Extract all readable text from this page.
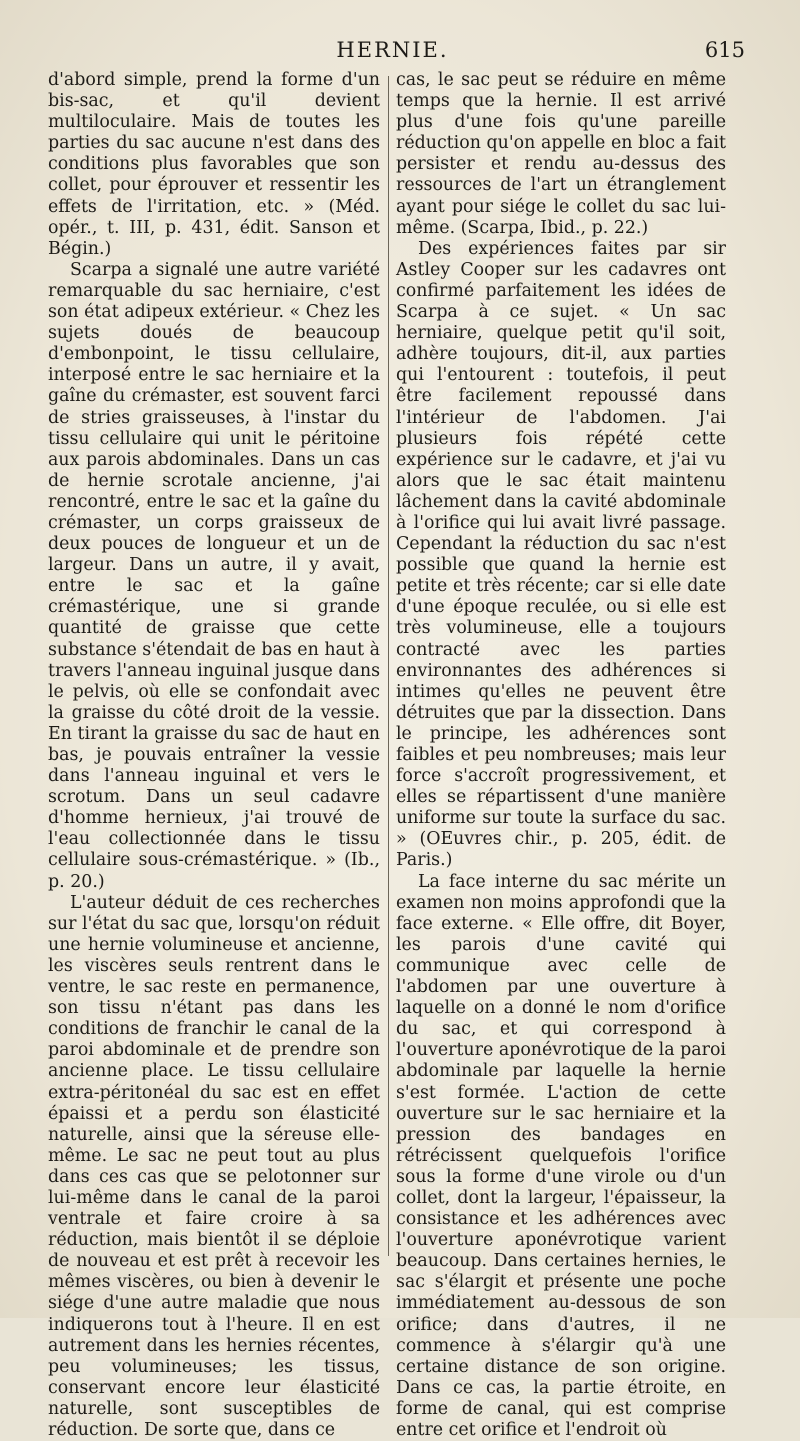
HERNIE.	615

d'abord simple, prend la forme d'un bis-sac, et qu'il devient multiloculaire. Mais de toutes les parties du sac aucune n'est dans des conditions plus favorables que son collet, pour éprouver et ressentir les effets de l'irritation, etc. » (Méd. opér., t. III, p. 431, édit. Sanson et Bégin.)

Scarpa a signalé une autre variété remarquable du sac herniaire, c'est son état adipeux extérieur. « Chez les sujets doués de beaucoup d'embonpoint, le tissu cellulaire, interposé entre le sac herniaire et la gaîne du crémaster, est souvent farci de stries graisseuses, à l'instar du tissu cellulaire qui unit le péritoine aux parois abdominales. Dans un cas de hernie scrotale ancienne, j'ai rencontré, entre le sac et la gaîne du crémaster, un corps graisseux de deux pouces de longueur et un de largeur. Dans un autre, il y avait, entre le sac et la gaîne crémastérique, une si grande quantité de graisse que cette substance s'étendait de bas en haut à travers l'anneau inguinal jusque dans le pelvis, où elle se confondait avec la graisse du côté droit de la vessie. En tirant la graisse du sac de haut en bas, je pouvais entraîner la vessie dans l'anneau inguinal et vers le scrotum. Dans un seul cadavre d'homme hernieux, j'ai trouvé de l'eau collectionnée dans le tissu cellulaire sous-crémastérique. » (Ib., p. 20.)

L'auteur déduit de ces recherches sur l'état du sac que, lorsqu'on réduit une hernie volumineuse et ancienne, les viscères seuls rentrent dans le ventre, le sac reste en permanence, son tissu n'étant pas dans les conditions de franchir le canal de la paroi abdominale et de prendre son ancienne place. Le tissu cellulaire extra-péritonéal du sac est en effet épaissi et a perdu son élasticité naturelle, ainsi que la séreuse elle-même. Le sac ne peut tout au plus dans ces cas que se pelotonner sur lui-même dans le canal de la paroi ventrale et faire croire à sa réduction, mais bientôt il se déploie de nouveau et est prêt à recevoir les mêmes viscères, ou bien à devenir le siége d'une autre maladie que nous indiquerons tout à l'heure. Il en est autrement dans les hernies récentes, peu volumineuses; les tissus, conservant encore leur élasticité naturelle, sont susceptibles de réduction. De sorte que, dans ce

cas, le sac peut se réduire en même temps que la hernie. Il est arrivé plus d'une fois qu'une pareille réduction qu'on appelle en bloc a fait persister et rendu au-dessus des ressources de l'art un étranglement ayant pour siége le collet du sac lui-même. (Scarpa, Ibid., p. 22.)

Des expériences faites par sir Astley Cooper sur les cadavres ont confirmé parfaitement les idées de Scarpa à ce sujet. « Un sac herniaire, quelque petit qu'il soit, adhère toujours, dit-il, aux parties qui l'entourent : toutefois, il peut être facilement repoussé dans l'intérieur de l'abdomen. J'ai plusieurs fois répété cette expérience sur le cadavre, et j'ai vu alors que le sac était maintenu lâchement dans la cavité abdominale à l'orifice qui lui avait livré passage. Cependant la réduction du sac n'est possible que quand la hernie est petite et très récente; car si elle date d'une époque reculée, ou si elle est très volumineuse, elle a toujours contracté avec les parties environnantes des adhérences si intimes qu'elles ne peuvent être détruites que par la dissection. Dans le principe, les adhérences sont faibles et peu nombreuses; mais leur force s'accroît progressivement, et elles se répartissent d'une manière uniforme sur toute la surface du sac. » (OEuvres chir., p. 205, édit. de Paris.)

La face interne du sac mérite un examen non moins approfondi que la face externe. « Elle offre, dit Boyer, les parois d'une cavité qui communique avec celle de l'abdomen par une ouverture à laquelle on a donné le nom d'orifice du sac, et qui correspond à l'ouverture aponévrotique de la paroi abdominale par laquelle la hernie s'est formée. L'action de cette ouverture sur le sac herniaire et la pression des bandages en rétrécissent quelquefois l'orifice sous la forme d'une virole ou d'un collet, dont la largeur, l'épaisseur, la consistance et les adhérences avec l'ouverture aponévrotique varient beaucoup. Dans certaines hernies, le sac s'élargit et présente une poche immédiatement au-dessous de son orifice; dans d'autres, il ne commence à s'élargir qu'à une certaine distance de son origine. Dans ce cas, la partie étroite, en forme de canal, qui est comprise entre cet orifice et l'endroit où
